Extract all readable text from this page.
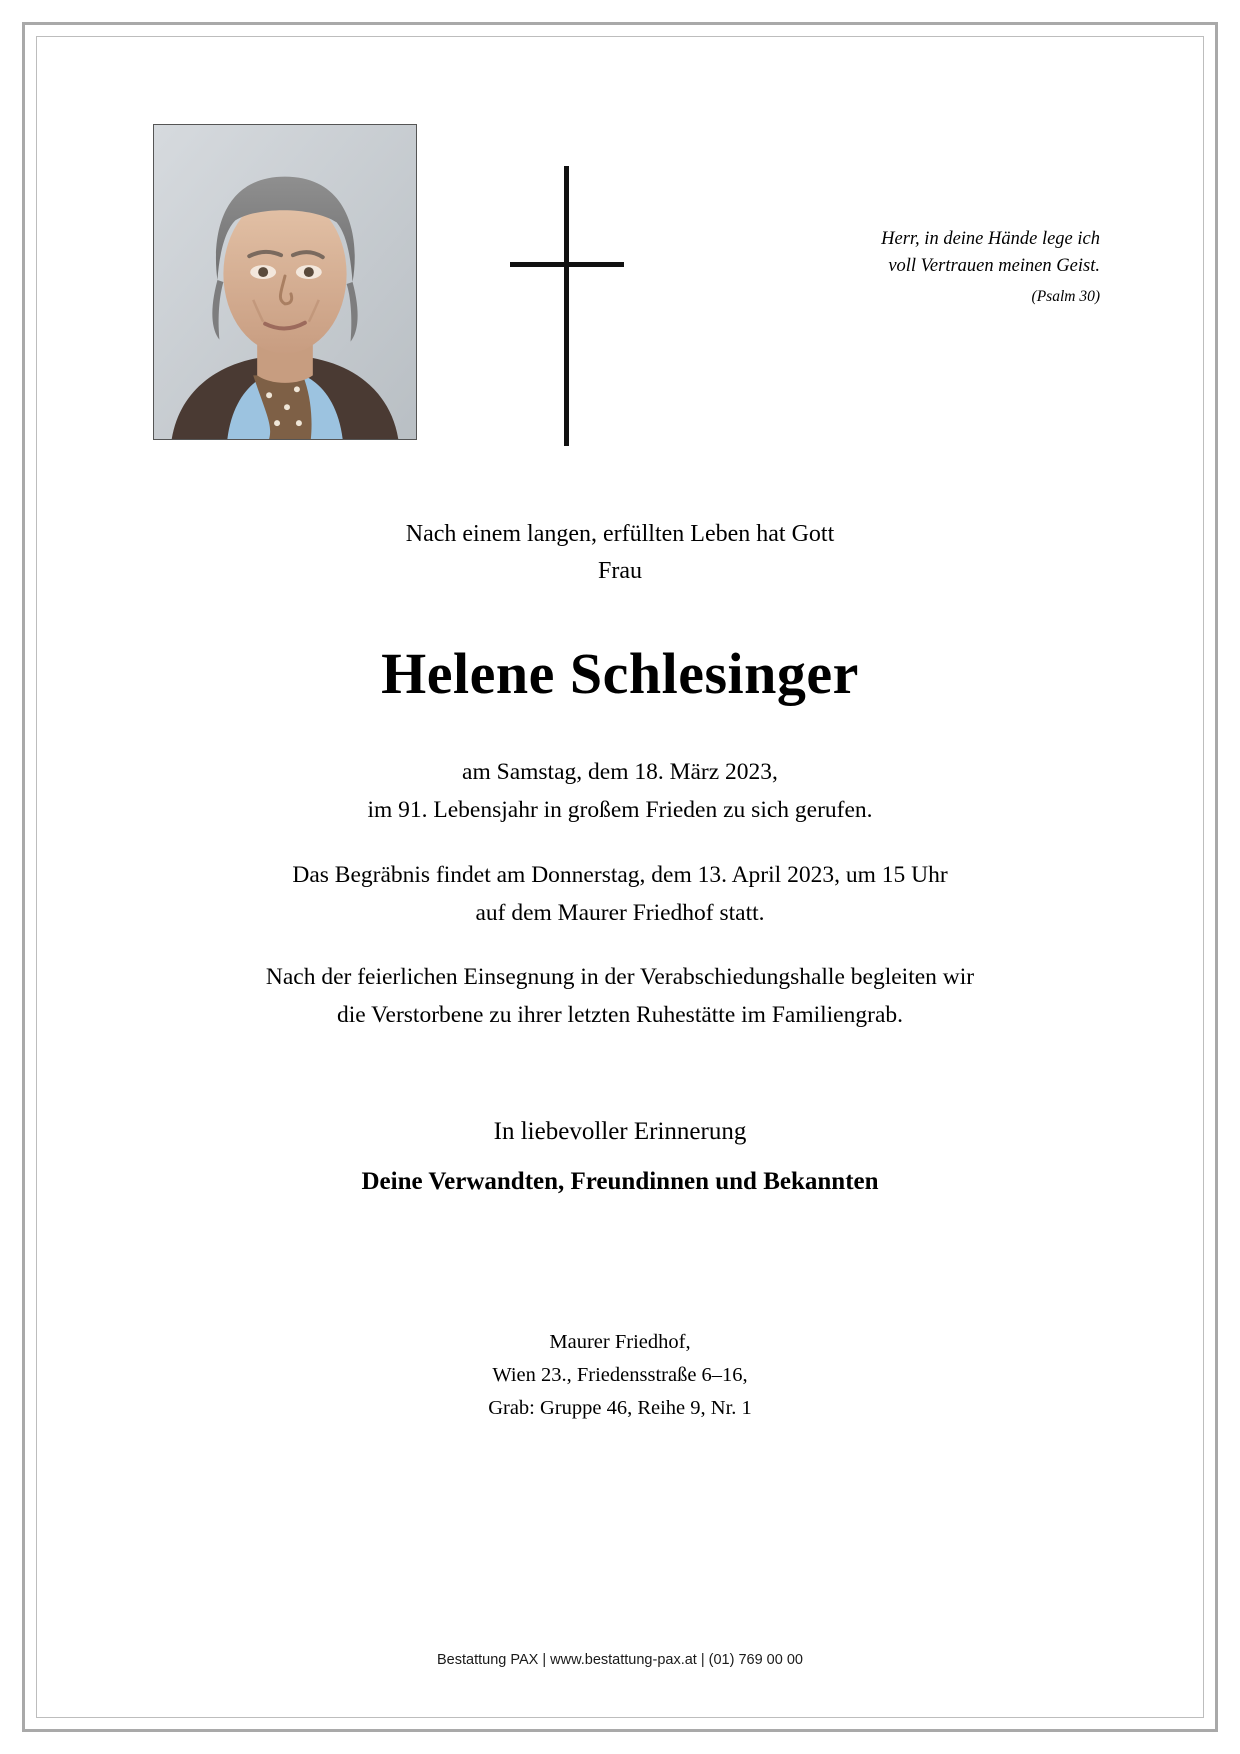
Herr, in deine Hände lege ich
voll Vertrauen meinen Geist.
(Psalm 30)
Nach einem langen, erfüllten Leben hat Gott
Frau
Helene Schlesinger
am Samstag, dem 18. März 2023,
im 91. Lebensjahr in großem Frieden zu sich gerufen.
Das Begräbnis findet am Donnerstag, dem 13. April 2023, um 15 Uhr
auf dem Maurer Friedhof statt.
Nach der feierlichen Einsegnung in der Verabschiedungshalle begleiten wir
die Verstorbene zu ihrer letzten Ruhestätte im Familiengrab.
In liebevoller Erinnerung
Deine Verwandten, Freundinnen und Bekannten
Maurer Friedhof,
Wien 23., Friedensstraße 6–16,
Grab: Gruppe 46, Reihe 9, Nr. 1
Bestattung PAX | www.bestattung-pax.at | (01) 769 00 00
